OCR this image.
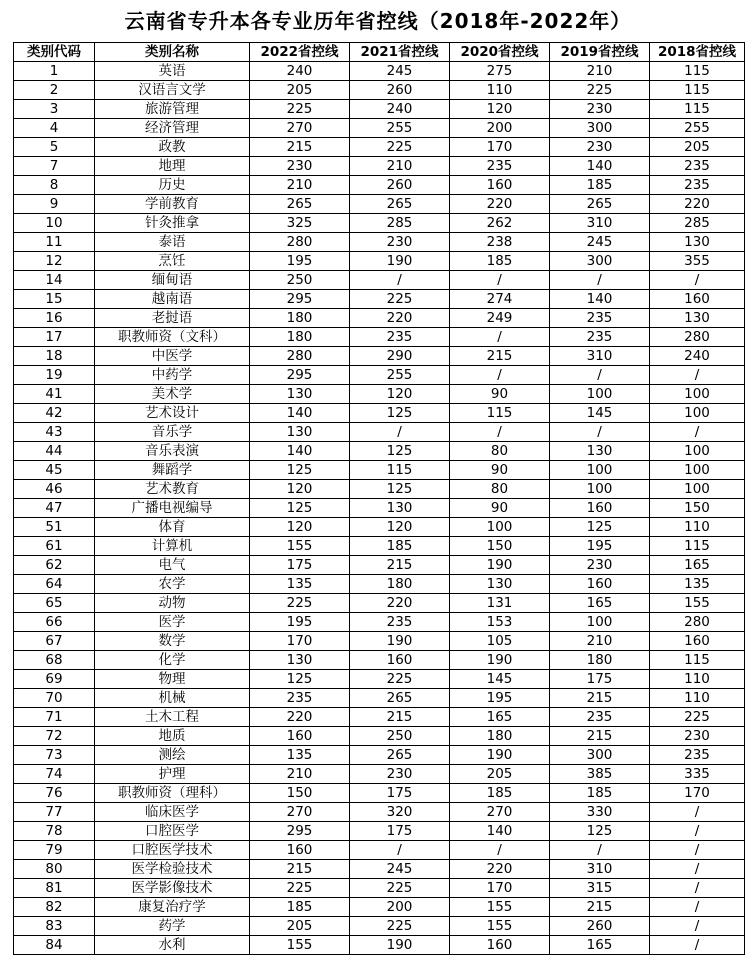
云南省专升本各专业历年省控线（2018年-2022年）
类别代码	类别名称	2022省控线	2021省控线	2020省控线	2019省控线	2018省控线
1	英语	240	245	275	210	115
2	汉语言文学	205	260	110	225	115
3	旅游管理	225	240	120	230	115
4	经济管理	270	255	200	300	255
5	政教	215	225	170	230	205
7	地理	230	210	235	140	235
8	历史	210	260	160	185	235
9	学前教育	265	265	220	265	220
10	针灸推拿	325	285	262	310	285
11	泰语	280	230	238	245	130
12	烹饪	195	190	185	300	355
14	缅甸语	250	/	/	/	/
15	越南语	295	225	274	140	160
16	老挝语	180	220	249	235	130
17	职教师资（文科）	180	235	/	235	280
18	中医学	280	290	215	310	240
19	中药学	295	255	/	/	/
41	美术学	130	120	90	100	100
42	艺术设计	140	125	115	145	100
43	音乐学	130	/	/	/	/
44	音乐表演	140	125	80	130	100
45	舞蹈学	125	115	90	100	100
46	艺术教育	120	125	80	100	100
47	广播电视编导	125	130	90	160	150
51	体育	120	120	100	125	110
61	计算机	155	185	150	195	115
62	电气	175	215	190	230	165
64	农学	135	180	130	160	135
65	动物	225	220	131	165	155
66	医学	195	235	153	100	280
67	数学	170	190	105	210	160
68	化学	130	160	190	180	115
69	物理	125	225	145	175	110
70	机械	235	265	195	215	110
71	土木工程	220	215	165	235	225
72	地质	160	250	180	215	230
73	测绘	135	265	190	300	235
74	护理	210	230	205	385	335
76	职教师资（理科）	150	175	185	185	170
77	临床医学	270	320	270	330	/
78	口腔医学	295	175	140	125	/
79	口腔医学技术	160	/	/	/	/
80	医学检验技术	215	245	220	310	/
81	医学影像技术	225	225	170	315	/
82	康复治疗学	185	200	155	215	/
83	药学	205	225	155	260	/
84	水利	155	190	160	165	/
